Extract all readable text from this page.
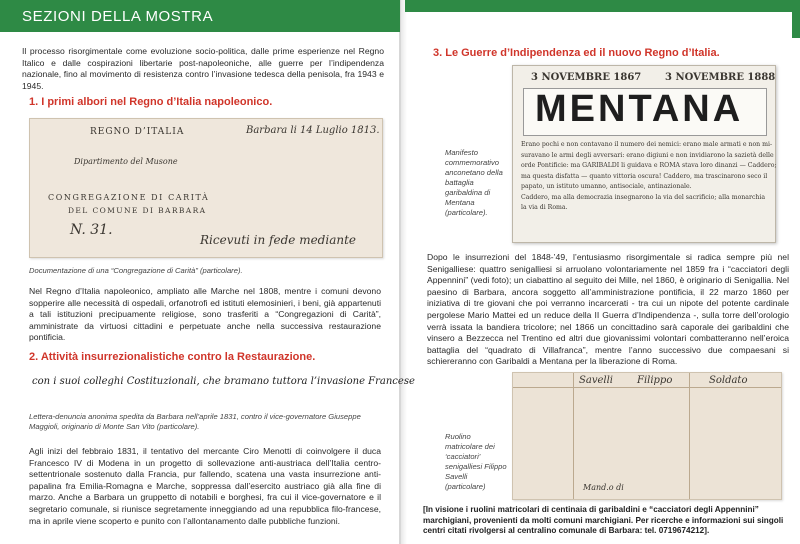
SEZIONI DELLA MOSTRA
Il processo risorgimentale come evoluzione socio-politica, dalle prime esperienze nel Regno Italico e dalle cospirazioni libertarie post-napoleoniche, alle guerre per l’indipendenza nazionale, fino al movimento di resistenza contro l’invasione tedesca della penisola, fra 1943 e 1945.
1. I primi albori nel Regno d’Italia napoleonico.
REGNO D’ITALIA	Barbara li 14 Luglio 1813.
Dipartimento del Musone
CONGREGAZIONE DI CARITÀ
DEL COMUNE DI BARBARA
N. 31.
Ricevuti in fede mediante
Documentazione di una “Congregazione di Carità” (particolare).
Nel Regno d’Italia napoleonico, ampliato alle Marche nel 1808, mentre i comuni devono sopperire alle necessità di ospedali, orfanotrofi ed istituti elemosinieri, i beni, già appartenuti a tali istituzioni precipuamente religiose, sono trasferiti a “Congregazioni di Carità”, amministrate da virtuosi cittadini e perpetuate anche nella successiva restaurazione pontificia.
2. Attività insurrezionalistiche contro la Restaurazione.
con i suoi colleghi Costituzionali, che bramano tuttora l’invasione Francese
Lettera-denuncia anonima spedita da Barbara nell’aprile 1831, contro il vice-governatore Giuseppe Maggioli, originario di Monte San Vito (particolare).
Agli inizi del febbraio 1831, il tentativo del mercante Ciro Menotti di coinvolgere il duca Francesco IV di Modena in un progetto di sollevazione anti-austriaca dell’Italia centro-settentrionale sostenuto dalla Francia, pur fallendo, scatena una vasta insurrezione anti-papalina fra Emilia-Romagna e Marche, soppressa dall’esercito austriaco già alla fine di marzo. Anche a Barbara un gruppetto di notabili e borghesi, fra cui il vice-governatore e il segretario comunale, si riunisce segretamente inneggiando ad una repubblica filo-francese, ma in aprile viene scoperto e punito con l’allontanamento dalle pubbliche funzioni.
3. Le Guerre d’Indipendenza ed il nuovo Regno d’Italia.
3 NOVEMBRE 1867 3 NOVEMBRE 1888
MENTANA
Erano pochi e non contavano il numero dei nemici: erano male armati e non mi-
suravano le armi degli avversari: erano digiuni e non invidiarono la sazietà delle
orde Pontificie: ma GARIBALDI li guidava e ROMA stava loro dinanzi — Caddero;
ma questa disfatta — quanto vittoria oscura! Caddero, ma trascinarono seco il
papato, un istituto umanno, antisociale, antinazionale.
Caddero, ma alla democrazia insegnarono la via del sacrificio; alla monarchia
la via di Roma.
Manifesto commemorativo anconetano della battaglia garibaldina di Mentana (particolare).
Dopo le insurrezioni del 1848-’49, l’entusiasmo risorgimentale si radica sempre più nel Senigalliese: quattro senigalliesi si arruolano volontariamente nel 1859 fra i “cacciatori degli Appennini” (vedi foto); un ciabattino al seguito dei Mille, nel 1860, è originario di Senigallia. Nel paesino di Barbara, ancora soggetto all’amministrazione pontificia, il 22 marzo 1860 per iniziativa di tre giovani che poi verranno incarcerati - tra cui un nipote del potente cardinale pergolese Mario Mattei ed un reduce della II Guerra d’Indipendenza -, sulla torre dell’orologio verrà issata la bandiera tricolore; nel 1866 un concittadino sarà caporale dei garibaldini che vinsero a Bezzecca nel Trentino ed altri due giovanissimi volontari combatteranno nell’eroica battaglia del “quadrato di Villafranca”, mentre l’anno successivo due compaesani si schiereranno con Garibaldi a Mentana per la liberazione di Roma.
Savelli Filippo	Soldato
Mand.o di
Ruolino matricolare dei ‘cacciatori’ senigalliesi Filippo Savelli (particolare)
[In visione i ruolini matricolari di centinaia di garibaldini e “cacciatori degli Appennini” marchigiani, provenienti da molti comuni marchigiani. Per ricerche e informazioni sui singoli centri citati rivolgersi al centralino comunale di Barbara: tel. 0719674212].
